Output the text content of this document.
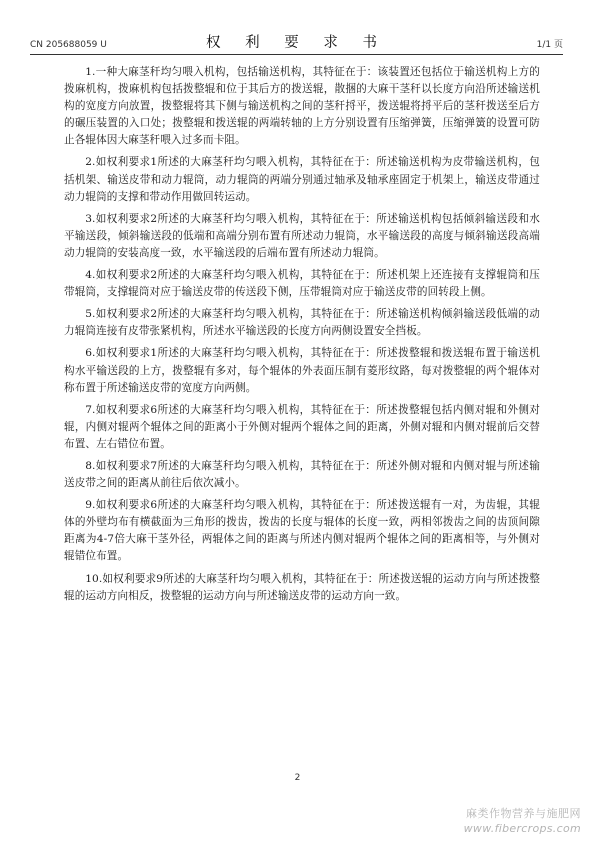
CN 205688059 U	权 利 要 求 书	1/1 页

1.一种大麻茎秆均匀喂入机构，包括输送机构，其特征在于：该装置还包括位于输送机构上方的拨麻机构，拨麻机构包括拨整辊和位于其后方的拨送辊，散捆的大麻干茎秆以长度方向沿所述输送机构的宽度方向放置，拨整辊将其下侧与输送机构之间的茎秆捋平，拨送辊将捋平后的茎秆拨送至后方的碾压装置的入口处；拨整辊和拨送辊的两端转轴的上方分别设置有压缩弹簧，压缩弹簧的设置可防止各辊体因大麻茎秆喂入过多而卡阻。

2.如权利要求1所述的大麻茎秆均匀喂入机构，其特征在于：所述输送机构为皮带输送机构，包括机架、输送皮带和动力辊筒，动力辊筒的两端分别通过轴承及轴承座固定于机架上，输送皮带通过动力辊筒的支撑和带动作用做回转运动。

3.如权利要求2所述的大麻茎秆均匀喂入机构，其特征在于：所述输送机构包括倾斜输送段和水平输送段，倾斜输送段的低端和高端分别布置有所述动力辊筒，水平输送段的高度与倾斜输送段高端动力辊筒的安装高度一致，水平输送段的后端布置有所述动力辊筒。

4.如权利要求2所述的大麻茎秆均匀喂入机构，其特征在于：所述机架上还连接有支撑辊筒和压带辊筒，支撑辊筒对应于输送皮带的传送段下侧，压带辊筒对应于输送皮带的回转段上侧。

5.如权利要求2所述的大麻茎秆均匀喂入机构，其特征在于：所述输送机构倾斜输送段低端的动力辊筒连接有皮带张紧机构，所述水平输送段的长度方向两侧设置安全挡板。

6.如权利要求1所述的大麻茎秆均匀喂入机构，其特征在于：所述拨整辊和拨送辊布置于输送机构水平输送段的上方，拨整辊有多对，每个辊体的外表面压制有菱形纹路，每对拨整辊的两个辊体对称布置于所述输送皮带的宽度方向两侧。

7.如权利要求6所述的大麻茎秆均匀喂入机构，其特征在于：所述拨整辊包括内侧对辊和外侧对辊，内侧对辊两个辊体之间的距离小于外侧对辊两个辊体之间的距离，外侧对辊和内侧对辊前后交替布置、左右错位布置。

8.如权利要求7所述的大麻茎秆均匀喂入机构，其特征在于：所述外侧对辊和内侧对辊与所述输送皮带之间的距离从前往后依次减小。

9.如权利要求6所述的大麻茎秆均匀喂入机构，其特征在于：所述拨送辊有一对，为齿辊，其辊体的外壁均布有横截面为三角形的拨齿，拨齿的长度与辊体的长度一致，两相邻拨齿之间的齿顶间隙距离为4-7倍大麻干茎外径，两辊体之间的距离与所述内侧对辊两个辊体之间的距离相等，与外侧对辊错位布置。

10.如权利要求9所述的大麻茎秆均匀喂入机构，其特征在于：所述拨送辊的运动方向与所述拨整辊的运动方向相反，拨整辊的运动方向与所述输送皮带的运动方向一致。

2
麻类作物营养与施肥网
www.fibercrops.com
